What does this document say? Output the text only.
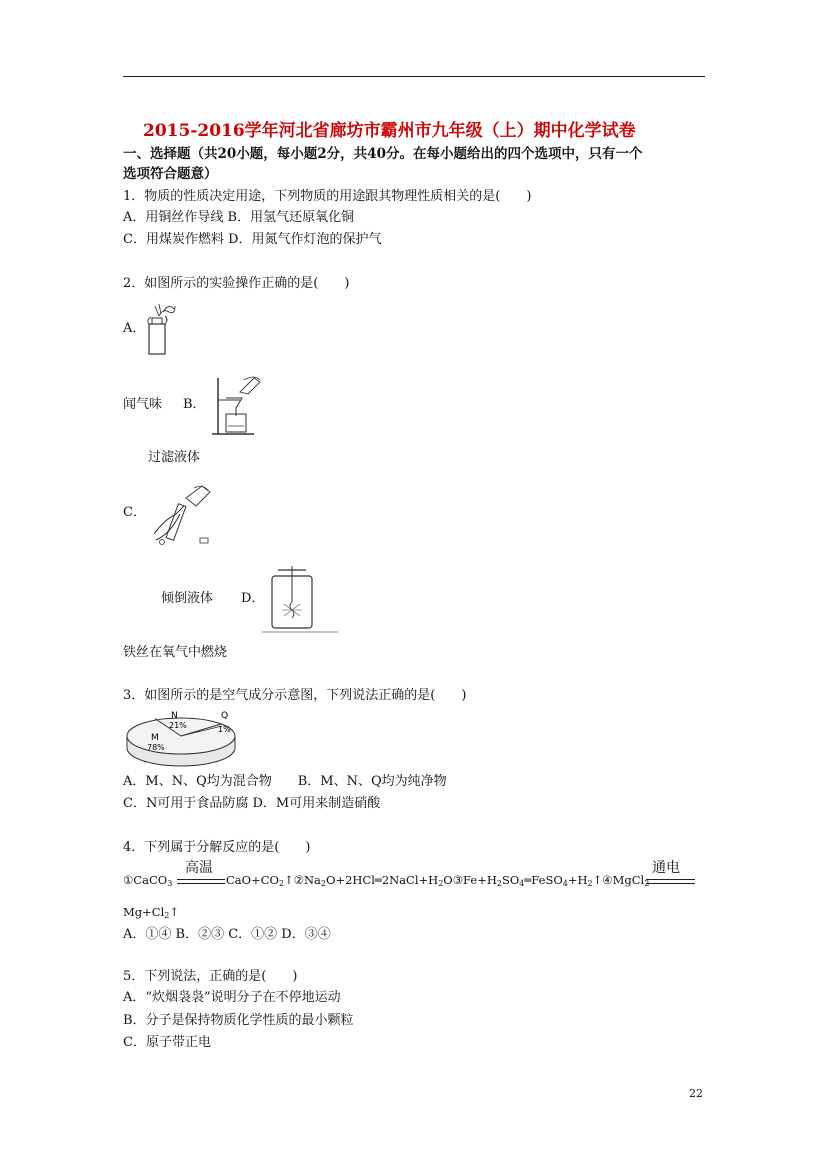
2015-2016学年河北省廊坊市霸州市九年级（上）期中化学试卷
一、选择题（共20小题，每小题2分，共40分。在每小题给出的四个选项中，只有一个
选项符合题意）
1．物质的性质决定用途，下列物质的用途跟其物理性质相关的是(　　)
A．用铜丝作导线 B．用氢气还原氧化铜
C．用煤炭作燃料 D．用氮气作灯泡的保护气
2．如图所示的实验操作正确的是(　　)
A．
闻气味 B．
过滤液体
C．
倾倒液体 D．
铁丝在氧气中燃烧
3．如图所示的是空气成分示意图，下列说法正确的是(　　)
N
21%
Q
1%
M
78%
A．M、N、Q均为混合物　　B．M、N、Q均为纯净物
C．N可用于食品防腐 D．M可用来制造硝酸
4．下列属于分解反应的是(　　)
①CaCO$_3$
高温
$CaO+CO_2↑②Na_2O+2HCl═2NaCl+H_2O③Fe+H_2SO_4═FeSO_4+H_2↑④MgCl_2$
通电
$Mg+Cl_2↑$
A．①④ B．②③ C．①② D．③④
5．下列说法，正确的是(　　)
A．“炊烟袅袅”说明分子在不停地运动
B．分子是保持物质化学性质的最小颗粒
C．原子带正电
22
